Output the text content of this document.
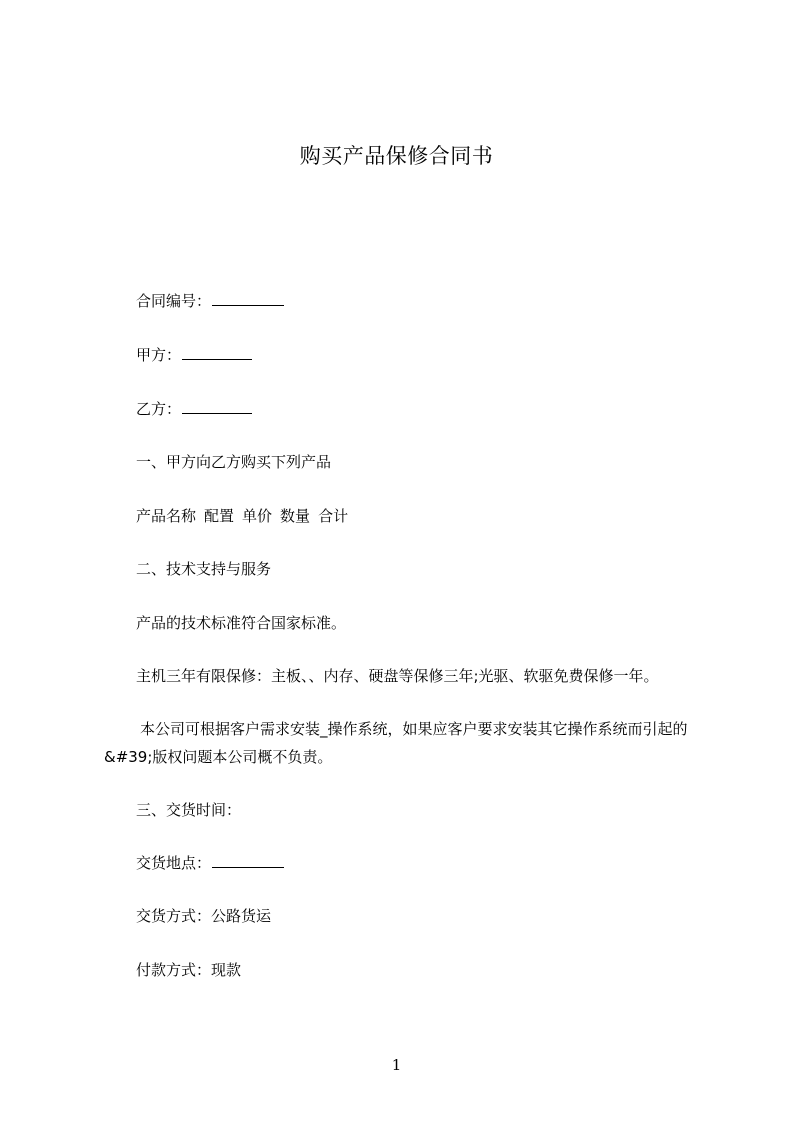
购买产品保修合同书
合同编号：
甲方：
乙方：
一、甲方向乙方购买下列产品
产品名称 配置 单价 数量 合计
二、技术支持与服务
产品的技术标准符合国家标准。
主机三年有限保修：主板、、内存、硬盘等保修三年;光驱、软驱免费保修一年。
本公司可根据客户需求安装_操作系统，如果应客户要求安装其它操作系统而引起的&#39;版权问题本公司概不负责。
三、交货时间：
交货地点：
交货方式：公路货运
付款方式：现款
1
